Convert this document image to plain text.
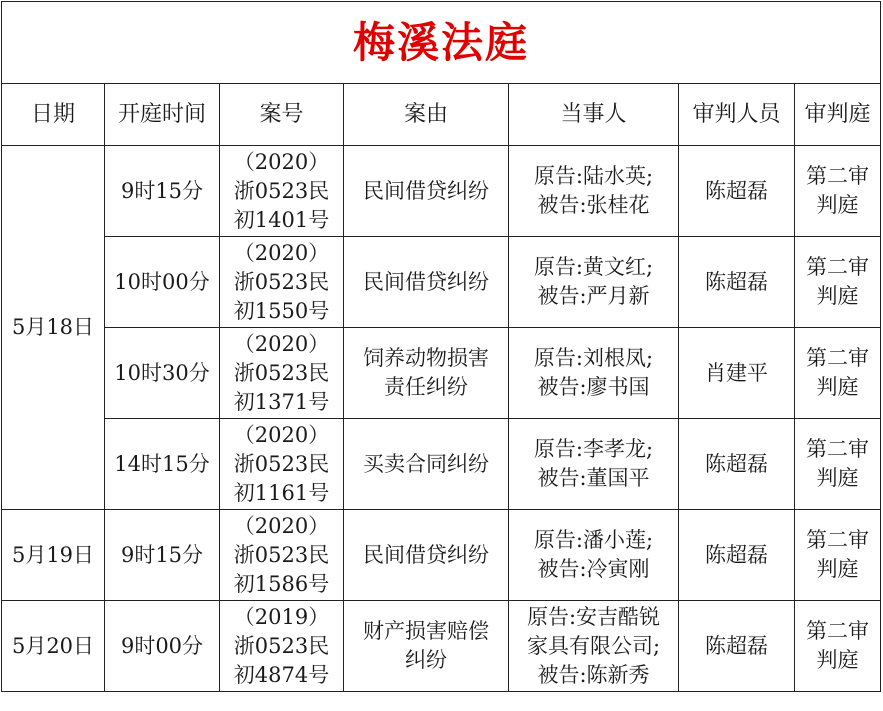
梅溪法庭						
日期	开庭时间	案号	案由	当事人	审判人员	审判庭
5月18日	9时15分	（2020）
浙0523民
初1401号	民间借贷纠纷	原告:陆水英;
被告:张桂花	陈超磊	第二审
判庭

	10时00分	（2020）
浙0523民
初1550号	民间借贷纠纷	原告:黄文红;
被告:严月新	陈超磊	第二审
判庭

	10时30分	（2020）
浙0523民
初1371号	饲养动物损害
责任纠纷	原告:刘根凤;
被告:廖书国	肖建平	第二审
判庭

	14时15分	（2020）
浙0523民
初1161号	买卖合同纠纷	原告:李孝龙;
被告:董国平	陈超磊	第二审
判庭

5月19日	9时15分	（2020）
浙0523民
初1586号	民间借贷纠纷	原告:潘小莲;
被告:冷寅刚	陈超磊	第二审
判庭

5月20日	9时00分	（2019）
浙0523民
初4874号	财产损害赔偿
纠纷	原告:安吉酷锐
家具有限公司;
被告:陈新秀	陈超磊	第二审
判庭
